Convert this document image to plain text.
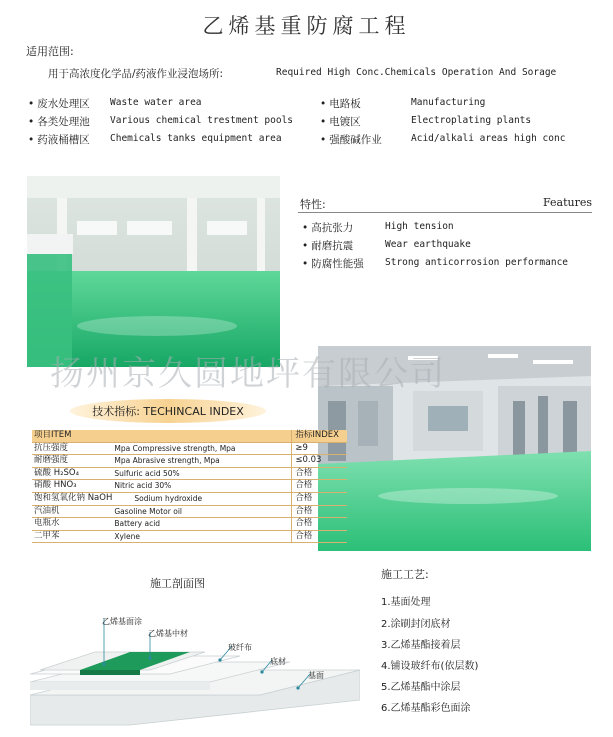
乙烯基重防腐工程
适用范围:
用于高浓度化学品/药液作业浸泡场所:	Required High Conc.Chemicals Operation And Sorage
• 废水处理区 Waste water area
• 各类处理池 Various chemical trestment pools
• 药液桶槽区 Chemicals tanks equipment area
• 电路板	Manufacturing
• 电镀区	Electroplating plants
• 强酸碱作业	Acid/alkali areas high conc
特性:	Features
• 高抗张力	High tension
• 耐磨抗震	Wear earthquake
• 防腐性能强 Strong anticorrosion performance
扬州京久圆地坪有限公司
技术指标: TECHINCAL INDEX
项目ITEM		指标INDEX
抗压强度	Mpa Compressive strength, Mpa	≥9
耐磨强度	Mpa Abrasive strength, Mpa	≤0.03
硫酸 H₂SO₄	Sulfuric acid 50%	合格
硝酸 HNO₃	Nitric acid 30%	合格
饱和氢氧化钠 NaOH	Sodium hydroxide	合格
汽油机	Gasoline Motor oil	合格
电瓶水	Battery acid	合格
二甲苯	Xylene	合格
施工剖面图
乙烯基面涂
乙烯基中材
玻纤布
底材
基面
施工工艺:
1.基面处理
2.涂刷封闭底材
3.乙烯基酯接着层
4.铺设玻纤布(依层数)
5.乙烯基酯中涂层
6.乙烯基酯彩色面涂
